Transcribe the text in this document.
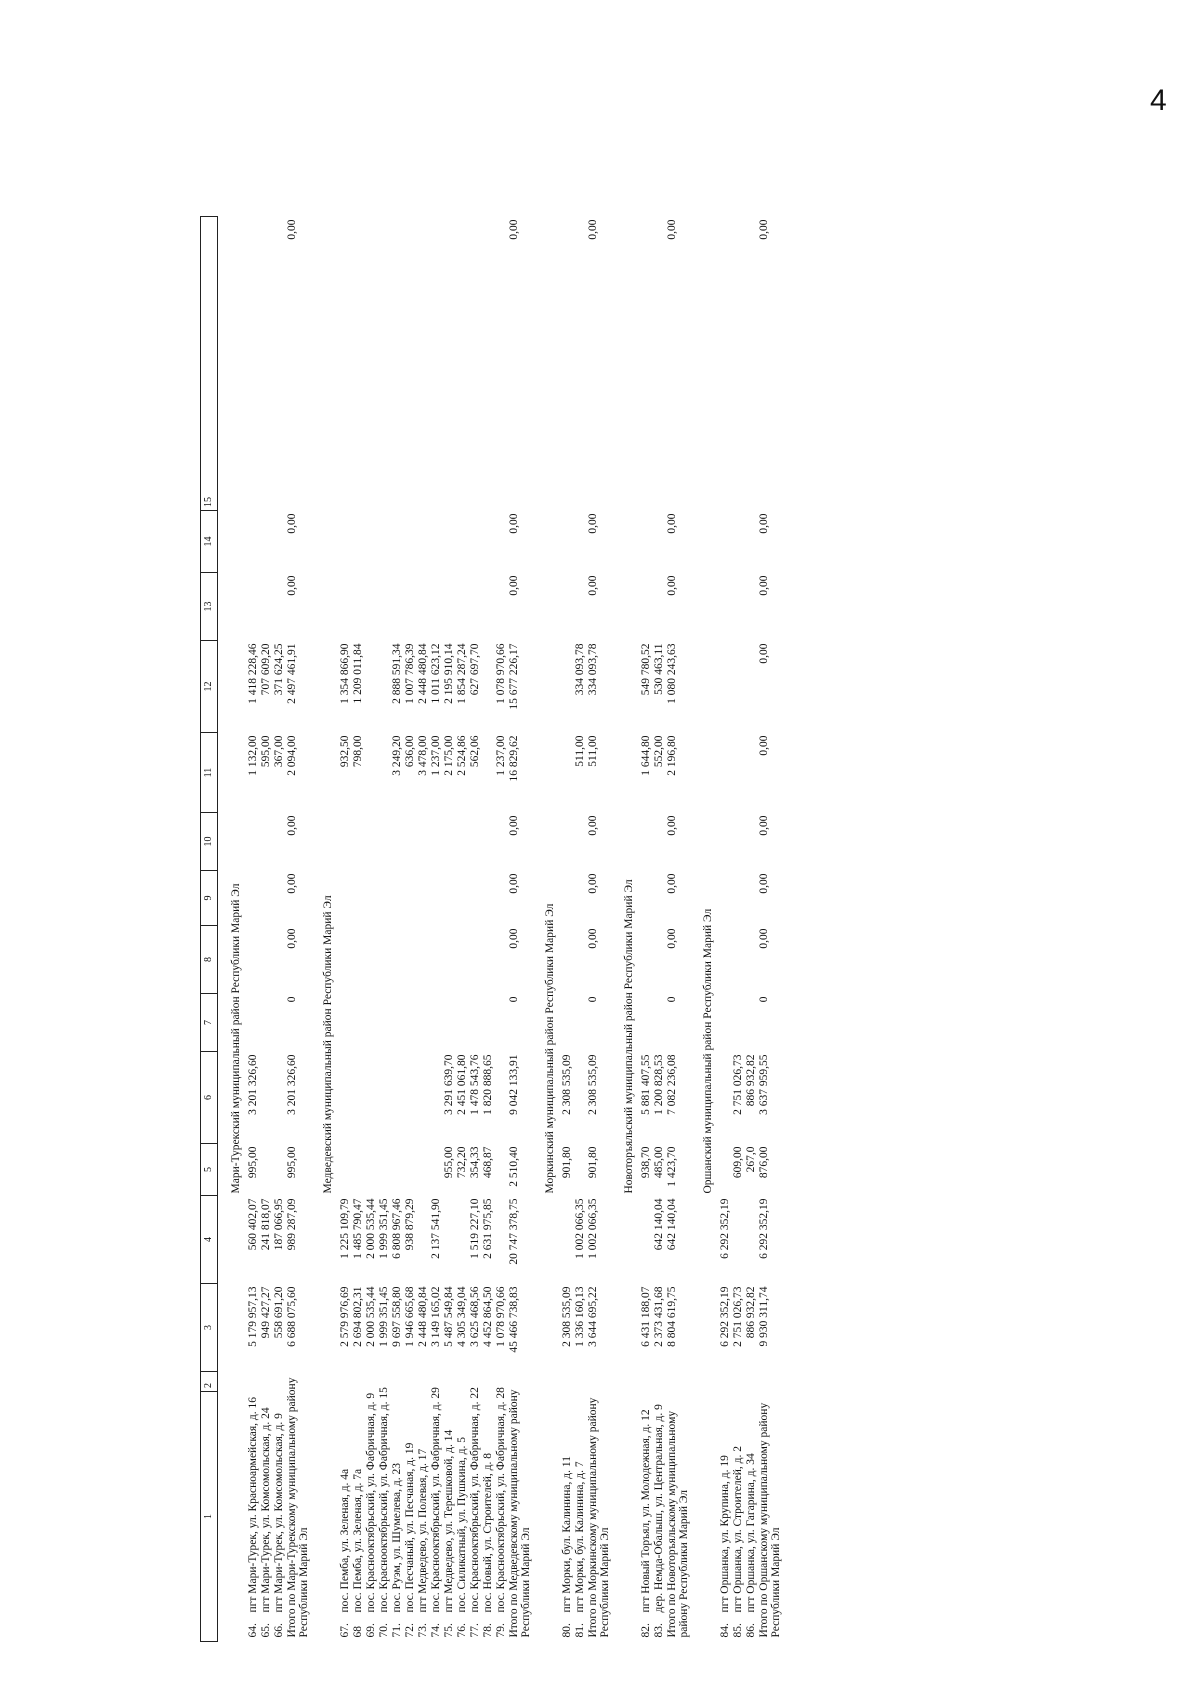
4
1	2	3	4	5	6	7	8	9	10	11	12	13	14	15

				Мари-Турекский муниципальный район Республики Марий Эл										
64.пгт Мари-Турек, ул. Красноармейская, д. 16		5 179 957,13	560 402,07	995,00	3 201 326,60					1 132,00	1 418 228,46			
65.пгт Мари-Турек, ул. Комсомольская, д. 24		949 427,27	241 818,07							595,00	707 609,20			
66.пгт Мари-Турек, ул. Комсомольская, д. 9		558 691,20	187 066,95							367,00	371 624,25			
Итого по Мари-Турекскому муниципальному району Республики Марий Эл		6 688 075,60	989 287,09	995,00	3 201 326,60	0	0,00	0,00	0,00	2 094,00	2 497 461,91	0,00	0,00	0,00

				Медведевский муниципальный район Республики Марий Эл										
67.пос. Пемба, ул. Зеленая, д. 4а		2 579 976,69	1 225 109,79							932,50	1 354 866,90			
68пос. Пемба, ул. Зеленая, д. 7а		2 694 802,31	1 485 790,47							798,00	1 209 011,84			
69.пос. Краснооктябрьский, ул. Фабричная, д. 9		2 000 535,44	2 000 535,44											
70.пос. Краснооктябрьский, ул. Фабричная, д. 15		1 999 351,45	1 999 351,45											
71.пос. Руэм, ул. Шумелева, д. 23		9 697 558,80	6 808 967,46							3 249,20	2 888 591,34			
72.пос. Песчаный, ул. Песчаная, д. 19		1 946 665,68	938 879,29							636,00	1 007 786,39			
73.пгт Медведево, ул. Полевая, д. 17		2 448 480,84								3 478,00	2 448 480,84			
74.пос. Краснооктябрьский, ул. Фабричная, д. 29		3 149 165,02	2 137 541,90							1 237,00	1 011 623,12			
75.пгт Медведево, ул. Терешковой, д. 14		5 487 549,84		955,00	3 291 639,70					2 175,00	2 195 910,14			
76.пос. Силикатный, ул. Пушкина, д. 5		4 305 349,04		732,20	2 451 061,80					2 524,86	1 854 287,24			
77.пос. Краснооктябрьский, ул. Фабричная, д. 22		3 625 468,56	1 519 227,10	354,33	1 478 543,76					562,06	627 697,70			
78.пос. Новый, ул. Строителей, д. 8		4 452 864,50	2 631 975,85	468,87	1 820 888,65									
79.пос. Краснооктябрьский, ул. Фабричная, д. 28		1 078 970,66								1 237,00	1 078 970,66			
Итого по Медведевскому муниципальному району Республики Марий Эл		45 466 738,83	20 747 378,75	2 510,40	9 042 133,91	0	0,00	0,00	0,00	16 829,62	15 677 226,17	0,00	0,00	0,00

				Моркинский муниципальный район Республики Марий Эл										
80.пгт Морки, бул. Калинина, д. 11		2 308 535,09		901,80	2 308 535,09									
81.пгт Морки, бул. Калинина, д. 7		1 336 160,13	1 002 066,35							511,00	334 093,78			
Итого по Моркинскому муниципальному району Республики Марий Эл		3 644 695,22	1 002 066,35	901,80	2 308 535,09	0	0,00	0,00	0,00	511,00	334 093,78	0,00	0,00	0,00

				Новоторъяльский муниципальный район Республики Марий Эл										
82.пгт Новый Торъял, ул. Молодежная, д. 12		6 431 188,07		938,70	5 881 407,55					1 644,80	549 780,52			
83.дер. Немда-Обалыш, ул. Центральная, д. 9		2 373 431,68	642 140,04	485,00	1 200 828,53					552,00	530 463,11			
Итого по Новоторъяльскому муниципальному району Республики Марий Эл		8 804 619,75	642 140,04	1 423,70	7 082 236,08	0	0,00	0,00	0,00	2 196,80	1 080 243,63	0,00	0,00	0,00

				Оршанский муниципальный район Республики Марий Эл										
84.пгт Оршанка, ул. Крупина, д. 19		6 292 352,19	6 292 352,19											
85.пгт Оршанка, ул. Строителей, д. 2		2 751 026,73		609,00	2 751 026,73									
86.пгт Оршанка, ул. Гагарина, д. 34		886 932,82		267,0	886 932,82									
Итого по Оршанскому муниципальному району Республики Марий Эл		9 930 311,74	6 292 352,19	876,00	3 637 959,55	0	0,00	0,00	0,00	0,00	0,00	0,00	0,00	0,00
